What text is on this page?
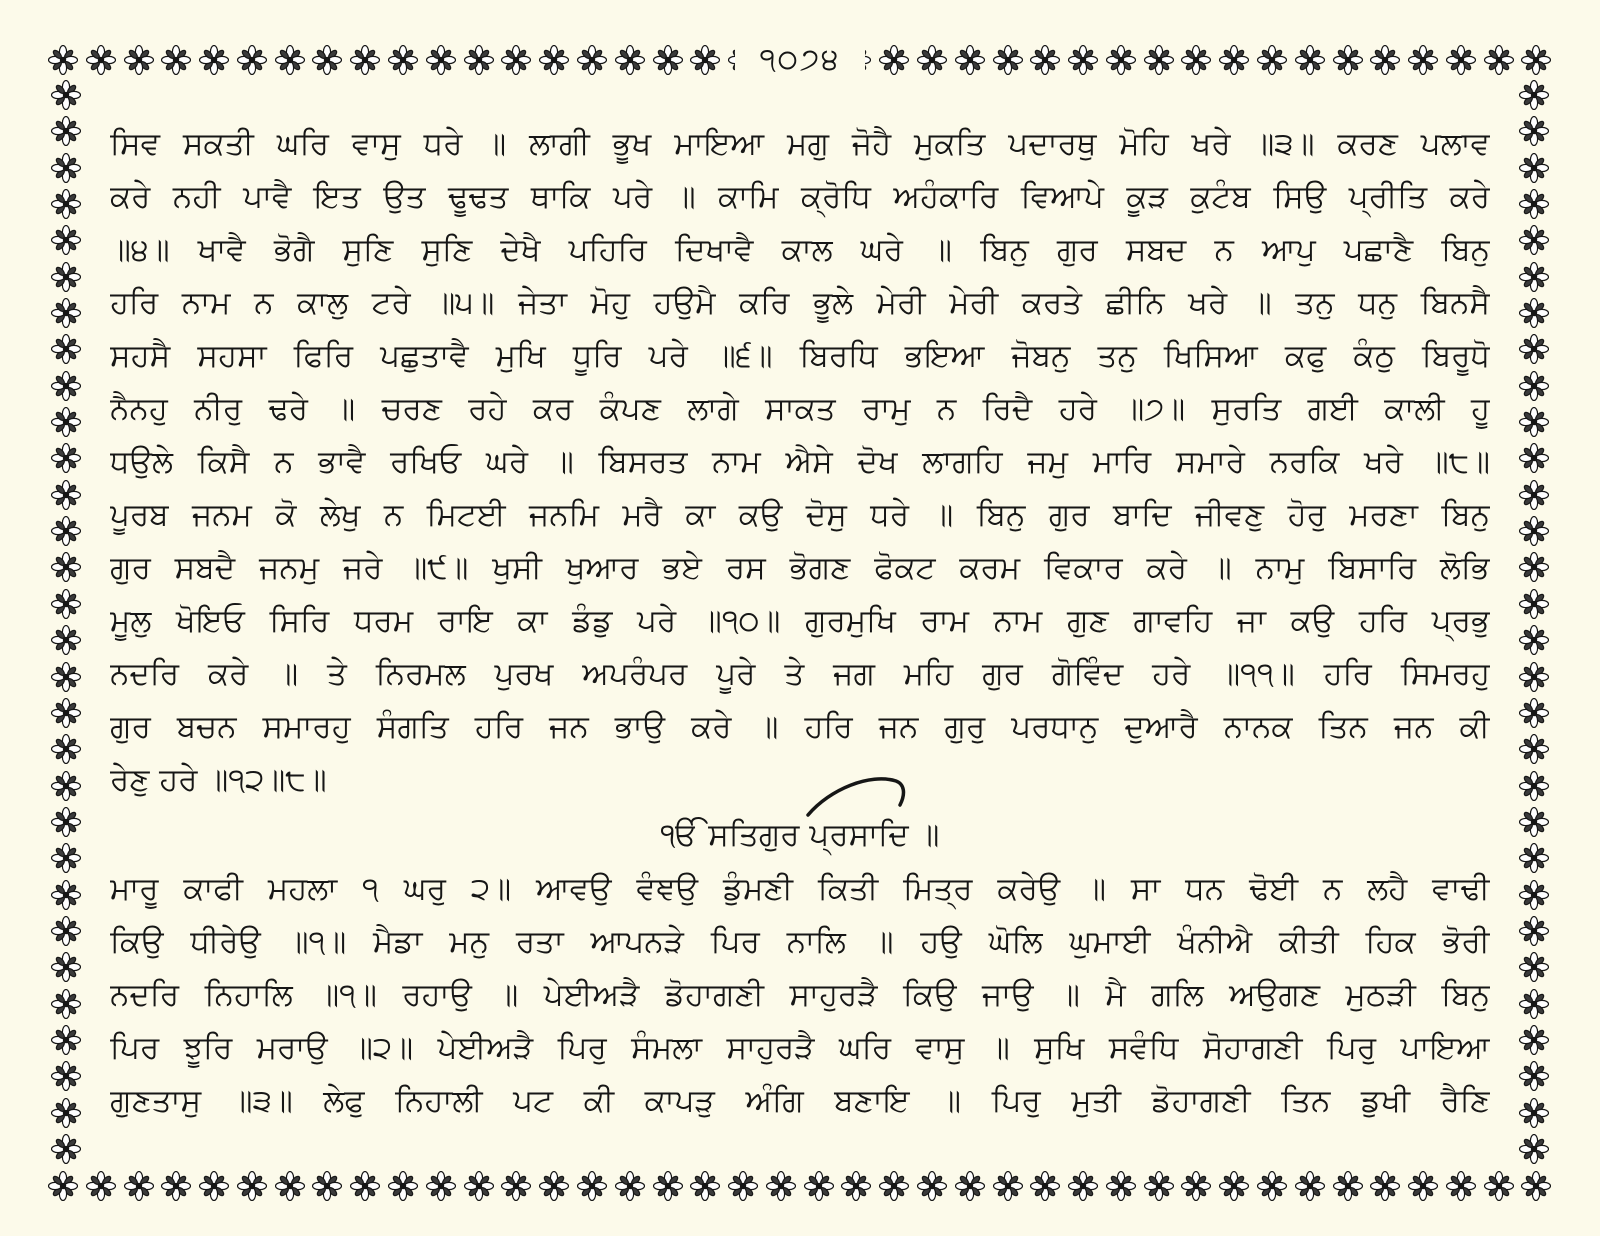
੧੦੭੪
ਸਿਵ ਸਕਤੀ ਘਰਿ ਵਾਸੁ ਧਰੇ ॥ ਲਾਗੀ ਭੂਖ ਮਾਇਆ ਮਗੁ ਜੋਹੈ ਮੁਕਤਿ ਪਦਾਰਥੁ ਮੋਹਿ ਖਰੇ ॥੩॥ ਕਰਣ ਪਲਾਵ
ਕਰੇ ਨਹੀ ਪਾਵੈ ਇਤ ਉਤ ਢੂਢਤ ਥਾਕਿ ਪਰੇ ॥ ਕਾਮਿ ਕ੍ਰੋਧਿ ਅਹੰਕਾਰਿ ਵਿਆਪੇ ਕੂੜ ਕੁਟੰਬ ਸਿਉ ਪ੍ਰੀਤਿ ਕਰੇ
॥੪॥ ਖਾਵੈ ਭੋਗੈ ਸੁਣਿ ਸੁਣਿ ਦੇਖੈ ਪਹਿਰਿ ਦਿਖਾਵੈ ਕਾਲ ਘਰੇ ॥ ਬਿਨੁ ਗੁਰ ਸਬਦ ਨ ਆਪੁ ਪਛਾਣੈ ਬਿਨੁ
ਹਰਿ ਨਾਮ ਨ ਕਾਲੁ ਟਰੇ ॥੫॥ ਜੇਤਾ ਮੋਹੁ ਹਉਮੈ ਕਰਿ ਭੂਲੇ ਮੇਰੀ ਮੇਰੀ ਕਰਤੇ ਛੀਨਿ ਖਰੇ ॥ ਤਨੁ ਧਨੁ ਬਿਨਸੈ
ਸਹਸੈ ਸਹਸਾ ਫਿਰਿ ਪਛੁਤਾਵੈ ਮੁਖਿ ਧੂਰਿ ਪਰੇ ॥੬॥ ਬਿਰਧਿ ਭਇਆ ਜੋਬਨੁ ਤਨੁ ਖਿਸਿਆ ਕਫੁ ਕੰਠੁ ਬਿਰੂਧੋ
ਨੈਨਹੁ ਨੀਰੁ ਢਰੇ ॥ ਚਰਣ ਰਹੇ ਕਰ ਕੰਪਣ ਲਾਗੇ ਸਾਕਤ ਰਾਮੁ ਨ ਰਿਦੈ ਹਰੇ ॥੭॥ ਸੁਰਤਿ ਗਈ ਕਾਲੀ ਹੂ
ਧਉਲੇ ਕਿਸੈ ਨ ਭਾਵੈ ਰਖਿਓ ਘਰੇ ॥ ਬਿਸਰਤ ਨਾਮ ਐਸੇ ਦੋਖ ਲਾਗਹਿ ਜਮੁ ਮਾਰਿ ਸਮਾਰੇ ਨਰਕਿ ਖਰੇ ॥੮॥
ਪੂਰਬ ਜਨਮ ਕੋ ਲੇਖੁ ਨ ਮਿਟਈ ਜਨਮਿ ਮਰੈ ਕਾ ਕਉ ਦੋਸੁ ਧਰੇ ॥ ਬਿਨੁ ਗੁਰ ਬਾਦਿ ਜੀਵਣੁ ਹੋਰੁ ਮਰਣਾ ਬਿਨੁ
ਗੁਰ ਸਬਦੈ ਜਨਮੁ ਜਰੇ ॥੯॥ ਖੁਸੀ ਖੁਆਰ ਭਏ ਰਸ ਭੋਗਣ ਫੋਕਟ ਕਰਮ ਵਿਕਾਰ ਕਰੇ ॥ ਨਾਮੁ ਬਿਸਾਰਿ ਲੋਭਿ
ਮੂਲੁ ਖੋਇਓ ਸਿਰਿ ਧਰਮ ਰਾਇ ਕਾ ਡੰਡੁ ਪਰੇ ॥੧੦॥ ਗੁਰਮੁਖਿ ਰਾਮ ਨਾਮ ਗੁਣ ਗਾਵਹਿ ਜਾ ਕਉ ਹਰਿ ਪ੍ਰਭੁ
ਨਦਰਿ ਕਰੇ ॥ ਤੇ ਨਿਰਮਲ ਪੁਰਖ ਅਪਰੰਪਰ ਪੂਰੇ ਤੇ ਜਗ ਮਹਿ ਗੁਰ ਗੋਵਿੰਦ ਹਰੇ ॥੧੧॥ ਹਰਿ ਸਿਮਰਹੁ
ਗੁਰ ਬਚਨ ਸਮਾਰਹੁ ਸੰਗਤਿ ਹਰਿ ਜਨ ਭਾਉ ਕਰੇ ॥ ਹਰਿ ਜਨ ਗੁਰੁ ਪਰਧਾਨੁ ਦੁਆਰੈ ਨਾਨਕ ਤਿਨ ਜਨ ਕੀ
ਰੇਣੁ ਹਰੇ ॥੧੨॥੮॥
ੴ ਸਤਿਗੁਰ ਪ੍ਰਸਾਦਿ ॥
ਮਾਰੂ ਕਾਫੀ ਮਹਲਾ ੧ ਘਰੁ ੨॥ ਆਵਉ ਵੰਞਉ ਡੁੰਮਣੀ ਕਿਤੀ ਮਿਤ੍ਰ ਕਰੇਉ ॥ ਸਾ ਧਨ ਢੋਈ ਨ ਲਹੈ ਵਾਢੀ
ਕਿਉ ਧੀਰੇਉ ॥੧॥ ਮੈਡਾ ਮਨੁ ਰਤਾ ਆਪਨੜੇ ਪਿਰ ਨਾਲਿ ॥ ਹਉ ਘੋਲਿ ਘੁਮਾਈ ਖੰਨੀਐ ਕੀਤੀ ਹਿਕ ਭੋਰੀ
ਨਦਰਿ ਨਿਹਾਲਿ ॥੧॥ ਰਹਾਉ ॥ ਪੇਈਅੜੈ ਡੋਹਾਗਣੀ ਸਾਹੁਰੜੈ ਕਿਉ ਜਾਉ ॥ ਮੈ ਗਲਿ ਅਉਗਣ ਮੁਠੜੀ ਬਿਨੁ
ਪਿਰ ਝੂਰਿ ਮਰਾਉ ॥੨॥ ਪੇਈਅੜੈ ਪਿਰੁ ਸੰਮਲਾ ਸਾਹੁਰੜੈ ਘਰਿ ਵਾਸੁ ॥ ਸੁਖਿ ਸਵੰਧਿ ਸੋਹਾਗਣੀ ਪਿਰੁ ਪਾਇਆ
ਗੁਣਤਾਸੁ ॥੩॥ ਲੇਫੁ ਨਿਹਾਲੀ ਪਟ ਕੀ ਕਾਪੜੁ ਅੰਗਿ ਬਣਾਇ ॥ ਪਿਰੁ ਮੁਤੀ ਡੋਹਾਗਣੀ ਤਿਨ ਡੁਖੀ ਰੈਣਿ
